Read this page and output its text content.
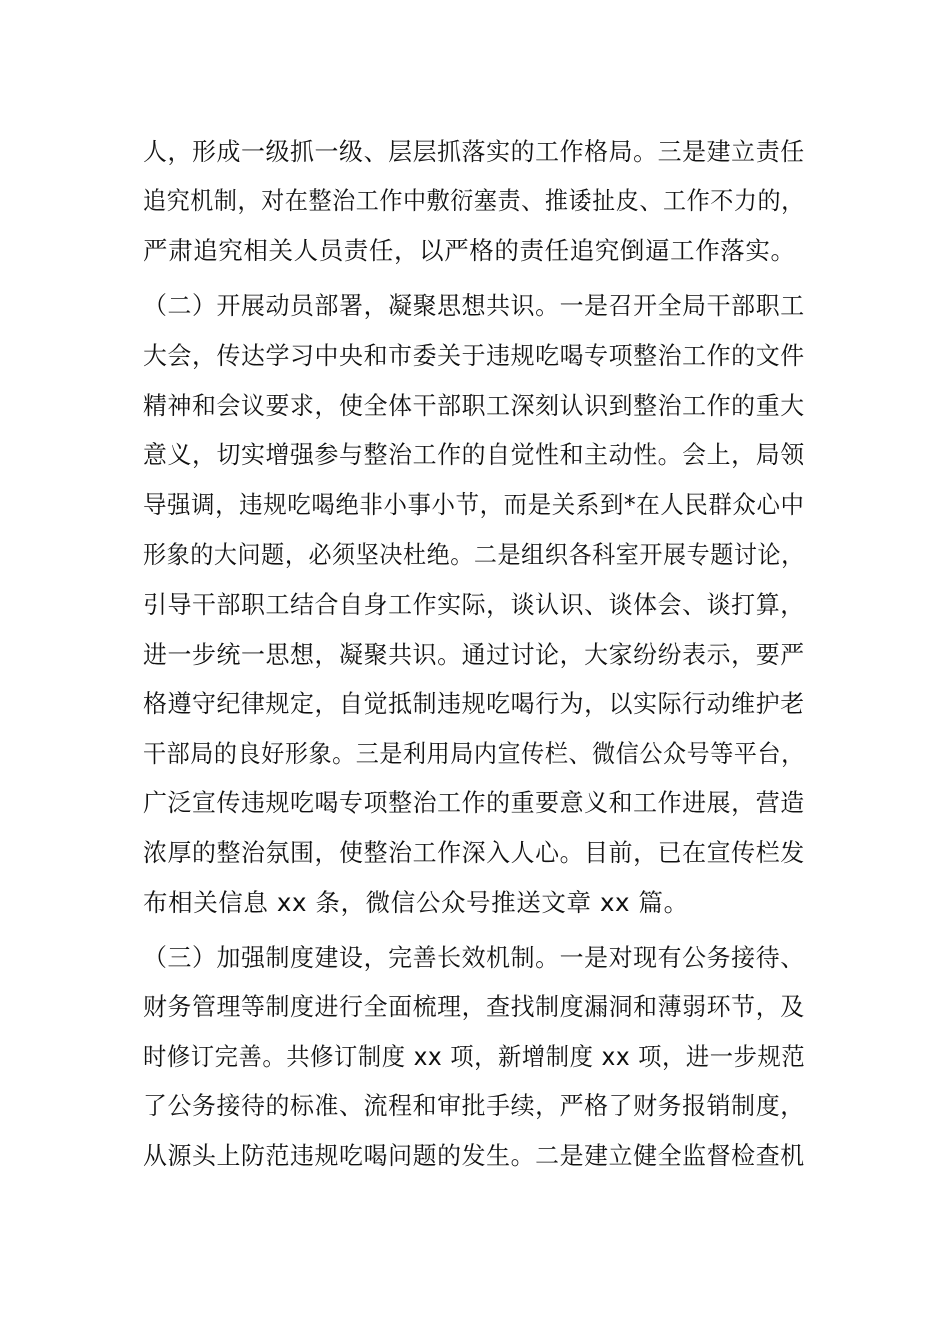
人，形成一级抓一级、层层抓落实的工作格局。三是建立责任
追究机制，对在整治工作中敷衍塞责、推诿扯皮、工作不力的，
严肃追究相关人员责任，以严格的责任追究倒逼工作落实。
（二）开展动员部署，凝聚思想共识。一是召开全局干部职工
大会，传达学习中央和市委关于违规吃喝专项整治工作的文件
精神和会议要求，使全体干部职工深刻认识到整治工作的重大
意义，切实增强参与整治工作的自觉性和主动性。会上，局领
导强调，违规吃喝绝非小事小节，而是关系到*在人民群众心中
形象的大问题，必须坚决杜绝。二是组织各科室开展专题讨论，
引导干部职工结合自身工作实际，谈认识、谈体会、谈打算，
进一步统一思想，凝聚共识。通过讨论，大家纷纷表示，要严
格遵守纪律规定，自觉抵制违规吃喝行为，以实际行动维护老
干部局的良好形象。三是利用局内宣传栏、微信公众号等平台，
广泛宣传违规吃喝专项整治工作的重要意义和工作进展，营造
浓厚的整治氛围，使整治工作深入人心。目前，已在宣传栏发
布相关信息 xx 条，微信公众号推送文章 xx 篇。
（三）加强制度建设，完善长效机制。一是对现有公务接待、
财务管理等制度进行全面梳理，查找制度漏洞和薄弱环节，及
时修订完善。共修订制度 xx 项，新增制度 xx 项，进一步规范
了公务接待的标准、流程和审批手续，严格了财务报销制度，
从源头上防范违规吃喝问题的发生。二是建立健全监督检查机
